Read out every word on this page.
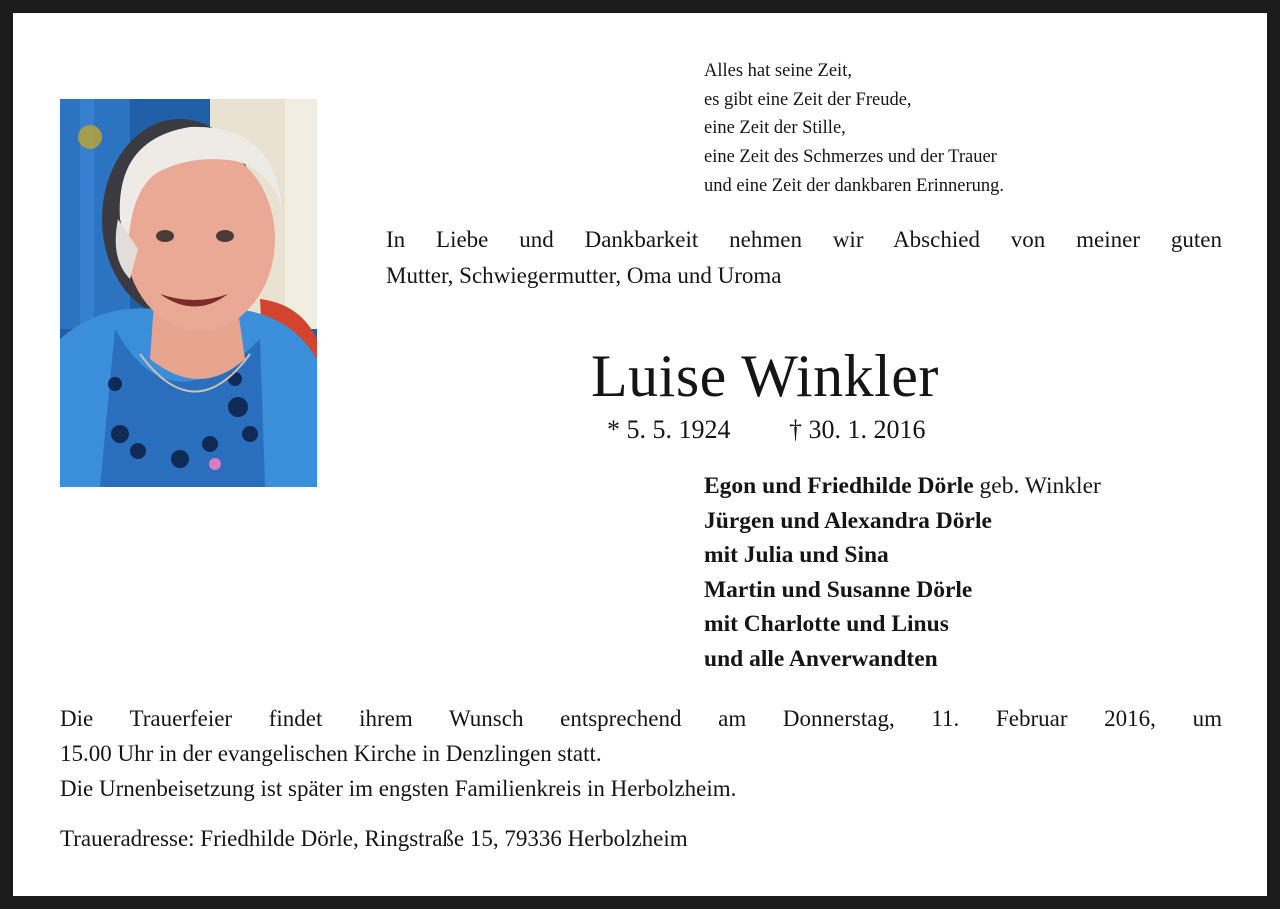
Alles hat seine Zeit,
es gibt eine Zeit der Freude,
eine Zeit der Stille,
eine Zeit des Schmerzes und der Trauer
und eine Zeit der dankbaren Erinnerung.
In Liebe und Dankbarkeit nehmen wir Abschied von meiner guten
Mutter, Schwiegermutter, Oma und Uroma
Luise Winkler
* 5. 5. 1924 † 30. 1. 2016
Egon und Friedhilde Dörle geb. Winkler
Jürgen und Alexandra Dörle
mit Julia und Sina
Martin und Susanne Dörle
mit Charlotte und Linus
und alle Anverwandten
Die Trauerfeier findet ihrem Wunsch entsprechend am Donnerstag, 11. Februar 2016, um
15.00 Uhr in der evangelischen Kirche in Denzlingen statt.
Die Urnenbeisetzung ist später im engsten Familienkreis in Herbolzheim.
Traueradresse: Friedhilde Dörle, Ringstraße 15, 79336 Herbolzheim
